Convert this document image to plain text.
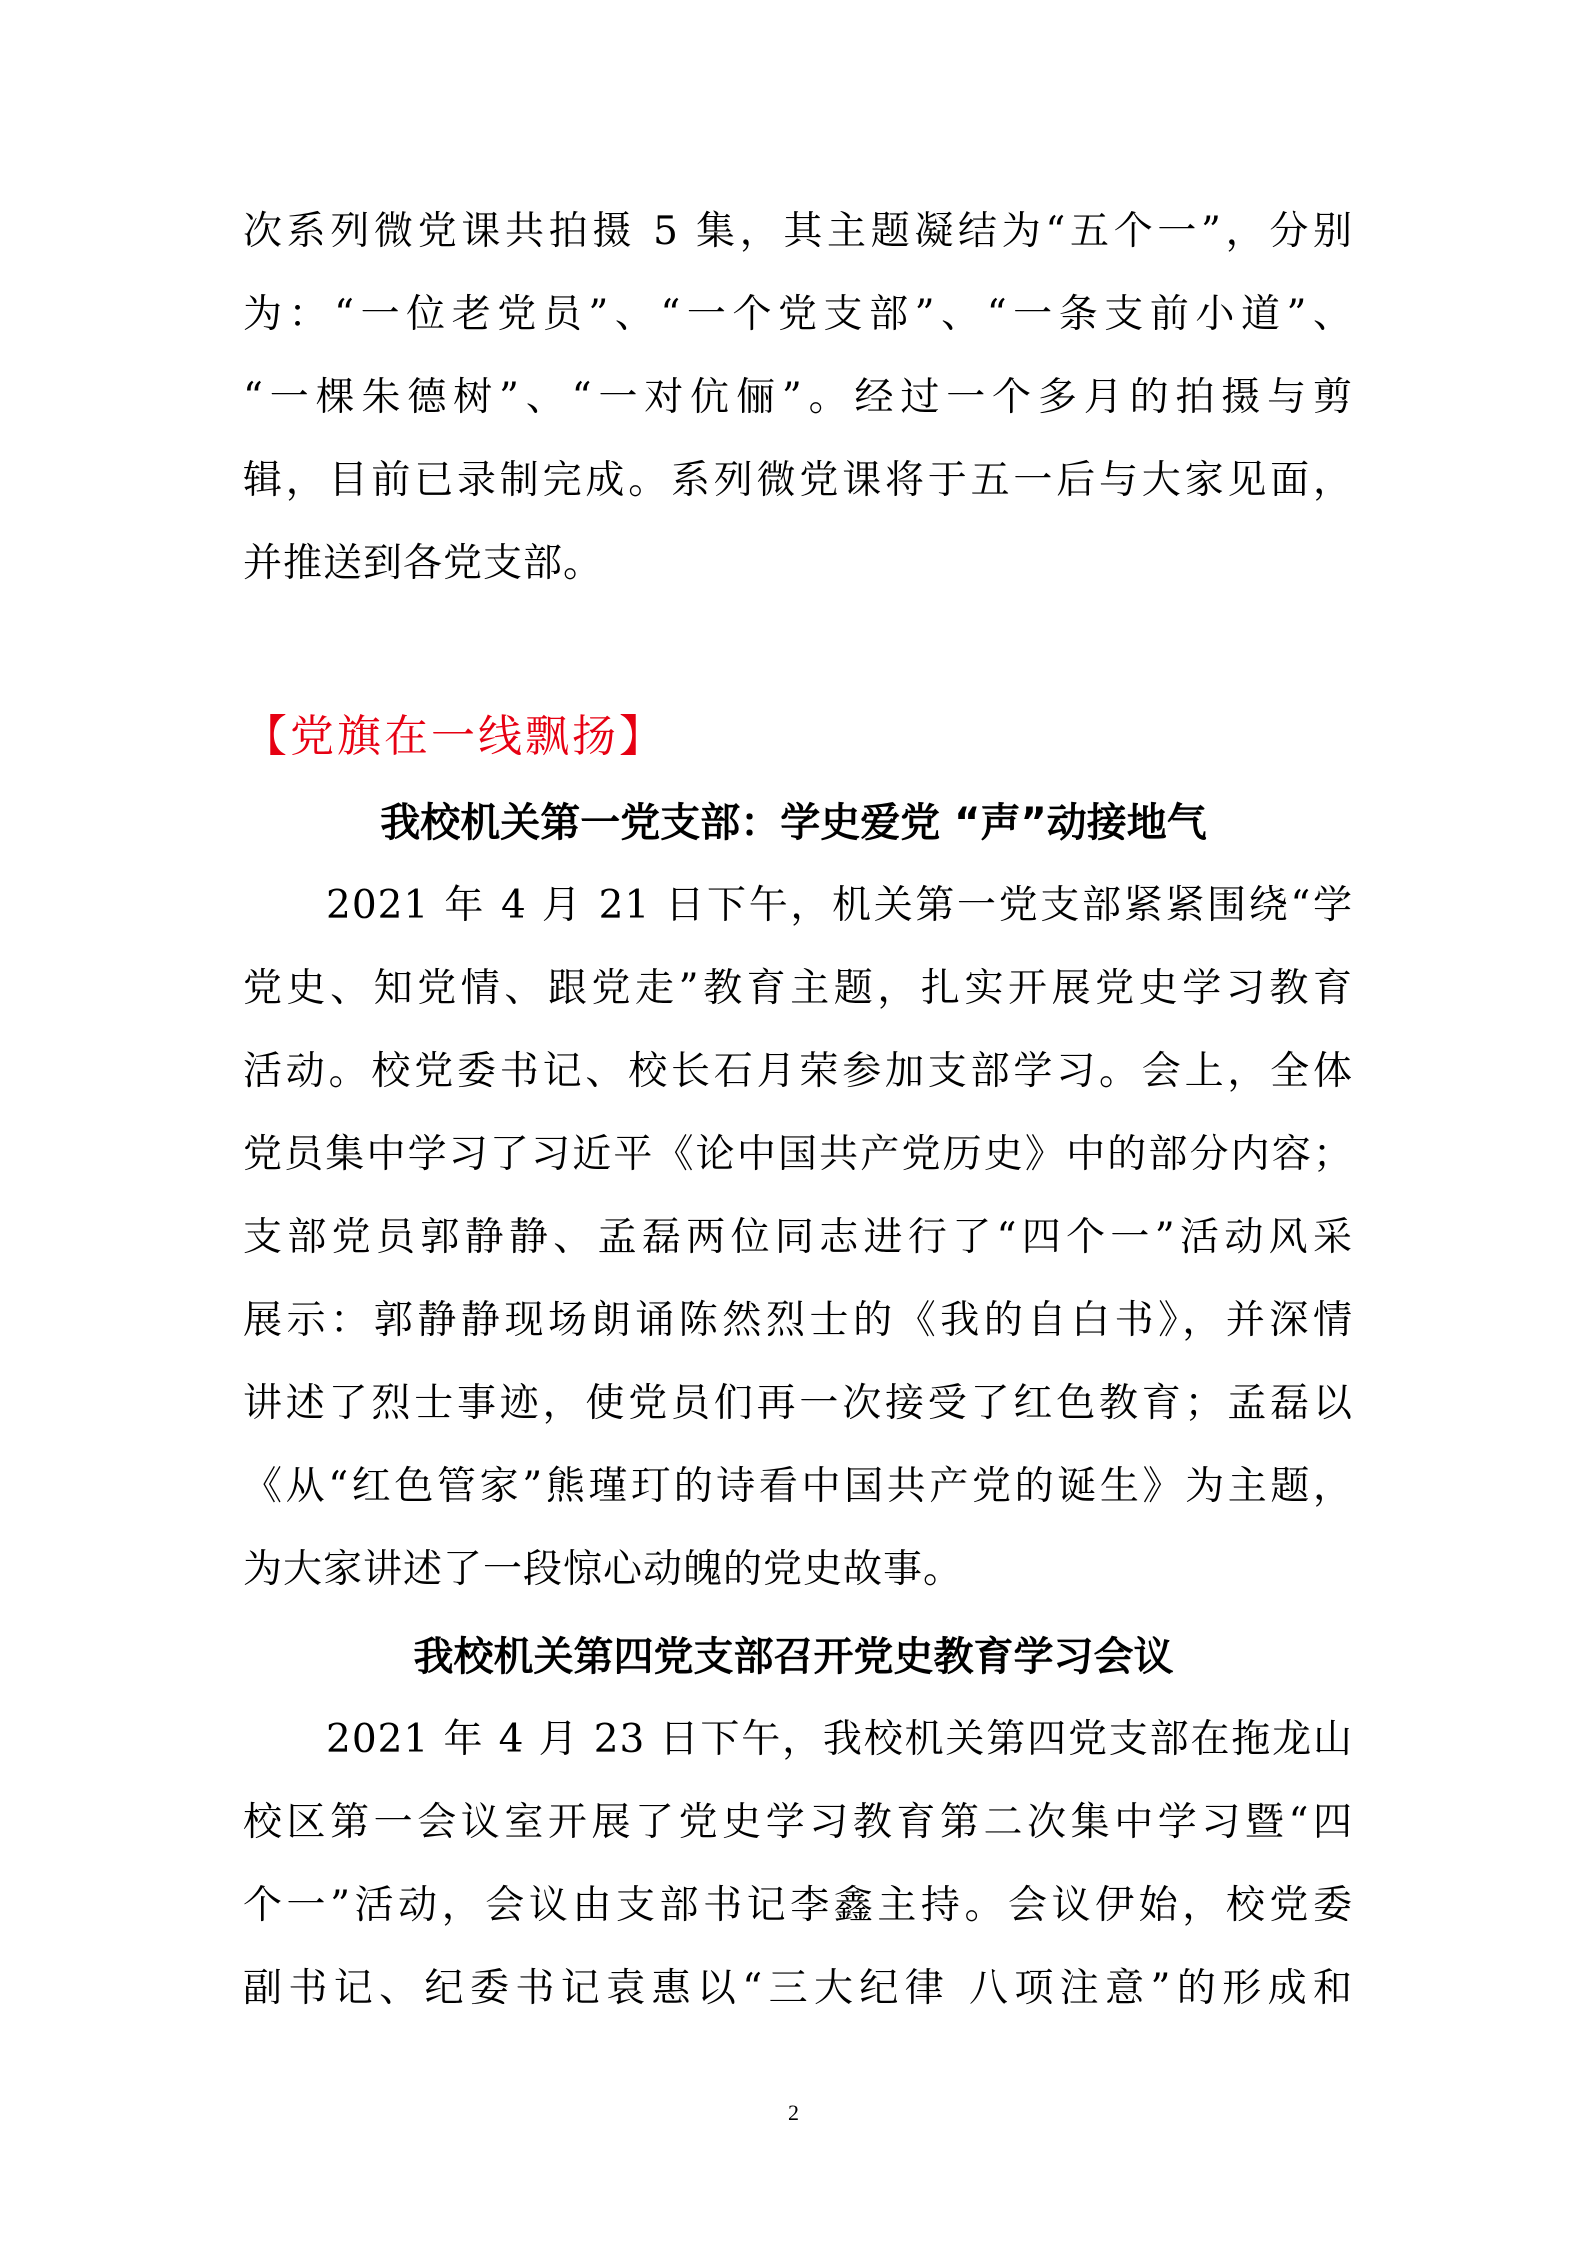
次系列微党课共拍摄 5 集，其主题凝结为“五个一”，分别
为：“一位老党员”、“一个党支部”、“一条支前小道”、
“一棵朱德树”、“一对伉俪”。经过一个多月的拍摄与剪
辑，目前已录制完成。系列微党课将于五一后与大家见面，
并推送到各党支部。
【党旗在一线飘扬】
我校机关第一党支部：学史爱党 “声”动接地气
2021 年 4 月 21 日下午，机关第一党支部紧紧围绕“学
党史、知党情、跟党走”教育主题，扎实开展党史学习教育
活动。校党委书记、校长石月荣参加支部学习。会上，全体
党员集中学习了习近平《论中国共产党历史》中的部分内容；
支部党员郭静静、孟磊两位同志进行了“四个一”活动风采
展示：郭静静现场朗诵陈然烈士的《我的自白书》，并深情
讲述了烈士事迹，使党员们再一次接受了红色教育；孟磊以
《从“红色管家”熊瑾玎的诗看中国共产党的诞生》为主题，
为大家讲述了一段惊心动魄的党史故事。
我校机关第四党支部召开党史教育学习会议
2021 年 4 月 23 日下午，我校机关第四党支部在拖龙山
校区第一会议室开展了党史学习教育第二次集中学习暨“四
个一”活动，会议由支部书记李鑫主持。会议伊始，校党委
副书记、纪委书记袁惠以“三大纪律 八项注意”的形成和
2
